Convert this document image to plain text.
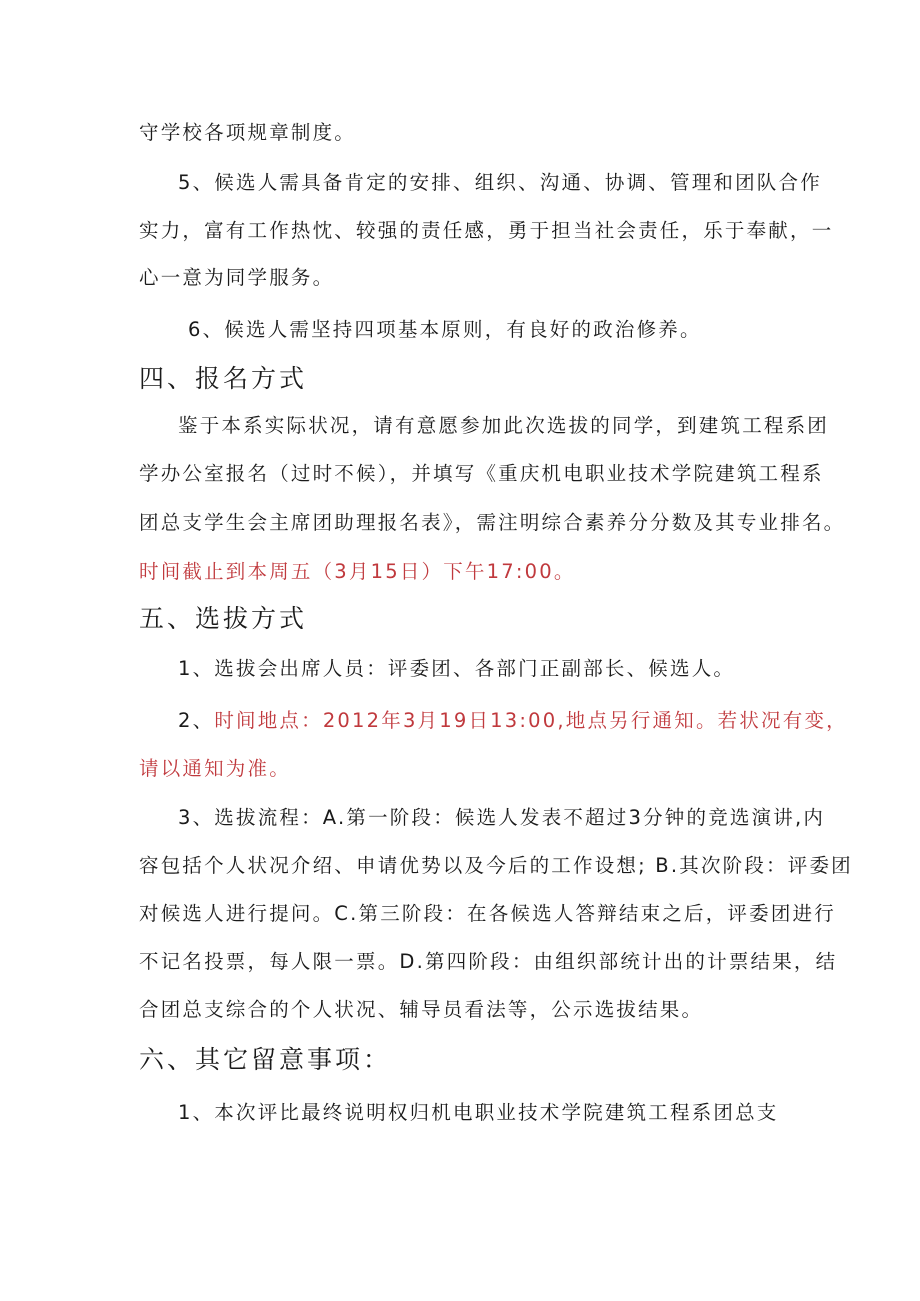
守学校各项规章制度。
5、候选人需具备肯定的安排、组织、沟通、协调、管理和团队合作
实力，富有工作热忱、较强的责任感，勇于担当社会责任，乐于奉献，一
心一意为同学服务。
6、候选人需坚持四项基本原则，有良好的政治修养。
四、报名方式
鉴于本系实际状况，请有意愿参加此次选拔的同学，到建筑工程系团
学办公室报名（过时不候），并填写《重庆机电职业技术学院建筑工程系
团总支学生会主席团助理报名表》，需注明综合素养分分数及其专业排名。
时间截止到本周五（3月15日）下午17:00。
五、选拔方式
1、选拔会出席人员：评委团、各部门正副部长、候选人。
2、时间地点：2012年3月19日13:00,地点另行通知。若状况有变，
请以通知为准。
3、选拔流程：A.第一阶段：候选人发表不超过3分钟的竞选演讲,内
容包括个人状况介绍、申请优势以及今后的工作设想; B.其次阶段：评委团
对候选人进行提问。C.第三阶段：在各候选人答辩结束之后，评委团进行
不记名投票，每人限一票。D.第四阶段：由组织部统计出的计票结果，结
合团总支综合的个人状况、辅导员看法等，公示选拔结果。
六、其它留意事项：
1、本次评比最终说明权归机电职业技术学院建筑工程系团总支
